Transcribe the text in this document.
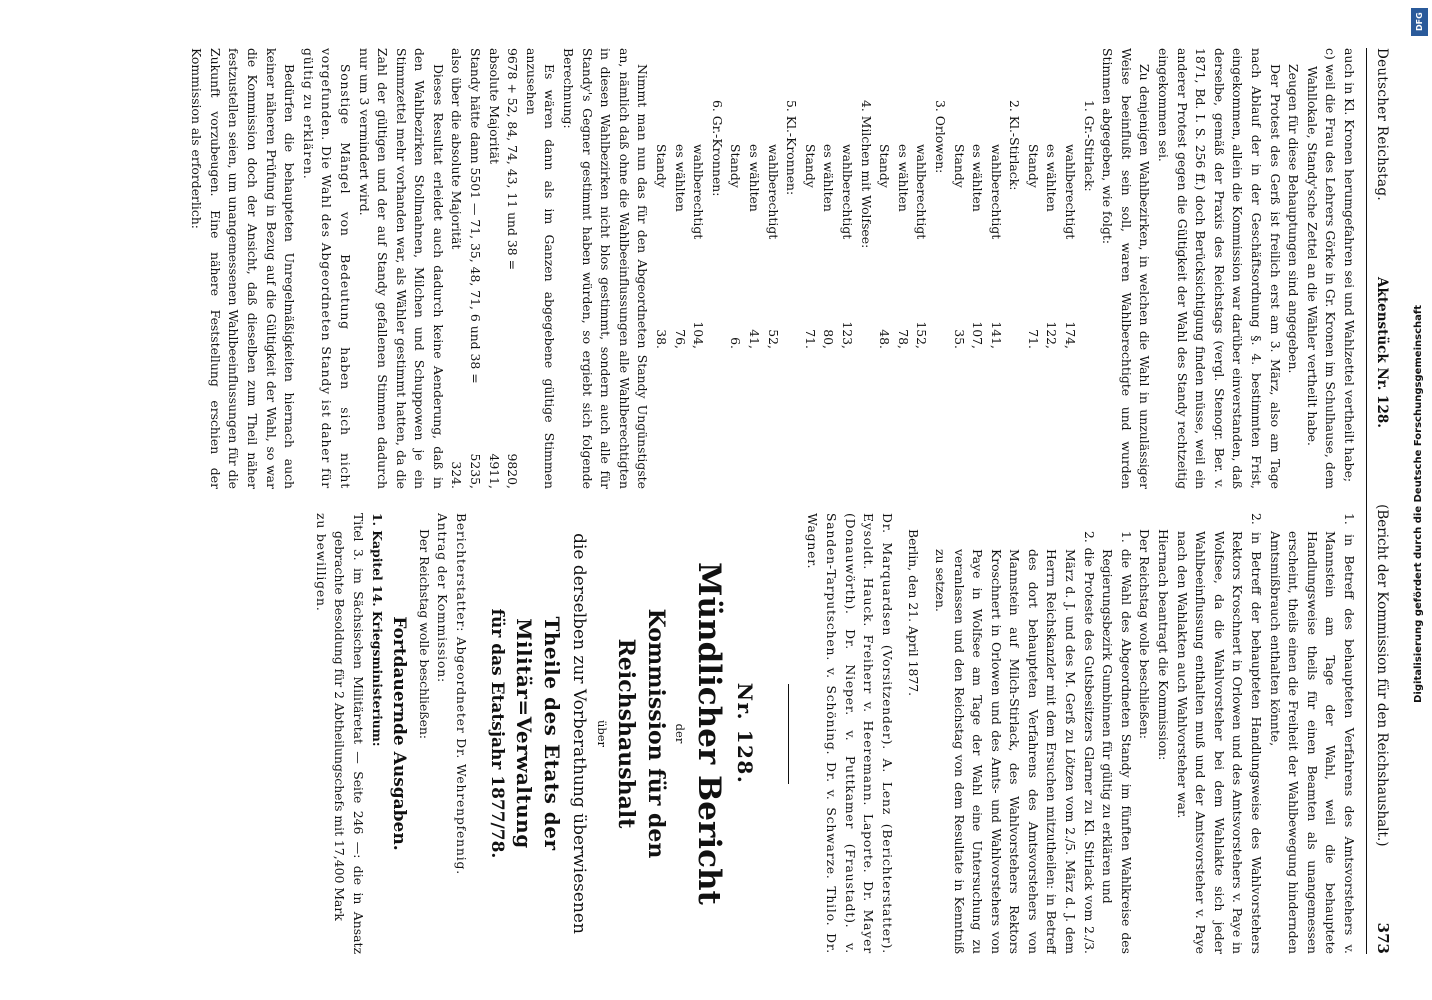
Deutscher Reichstag.
Aktenstück Nr. 128.
(Bericht der Kommission für den Reichshaushalt.)
373

auch in Kl. Kronen herumgefahren sei und Wahlzettel vertheilt habe;

c) weil die Frau des Lehrers Görke in Gr. Kronen im Schulhause, dem Wahllokale, Standy'sche Zettel an die Wähler vertheilt habe.

Zeugen für diese Behauptungen sind angegeben.

Der Protest des Gerß ist freilich erst am 3. März, also am Tage nach Ablauf der in der Geschäftsordnung §. 4. bestimmten Frist, eingekommen, allein die Kommission war darüber einverstanden, daß derselbe, gemäß der Praxis des Reichstags (vergl. Stenogr. Ber. v. 1871, Bd. I. S. 256 ff.) doch Berücksichtigung finden müsse, weil ein anderer Protest gegen die Gültigkeit der Wahl des Standy rechtzeitig eingekommen sei.

Zu denjenigen Wahlbezirken, in welchen die Wahl in unzulässiger Weise beeinflußt sein soll, waren Wahlberechtigte und wurden Stimmen abgegeben, wie folgt:

1. Gr.-Stirlack:
wahlberechtigt
174,
es wählten
122,
Standy
71.
2. Kl.-Stirlack:
wahlberechtigt
141,
es wählten
107,
Standy
35.
3. Orlowen:
wahlberechtigt
152,
es wählten
78,
Standy
48.
4. Milchen mit Wolfsee:
wahlberechtigt
123,
es wählten
80,
Standy
71.
5. Kl.-Kronnen:
wahlberechtigt
52,
es wählten
41,
Standy
6.
6. Gr.-Kronnen:
wahlberechtigt
104,
es wählten
76,
Standy
38.

Nimmt man nun das für den Abgeordneten Standy Ungünstigste an, nämlich daß ohne die Wahlbeeinflussungen alle Wahlberechtigten in diesen Wahlbezirken nicht blos gestimmt, sondern auch alle für Standy's Gegner gestimmt haben würden, so ergiebt sich folgende Berechnung:

Es wären dann als im Ganzen abgegebene gültige Stimmen anzusehen

9678 + 52, 84, 74, 43, 11 und 38 =
9820,
absolute Majorität
4911,
Standy hätte dann 5501 — 71, 35, 48, 71, 6 und 38 =
5235,
also über die absolute Majorität
324.

Dieses Resultat erleidet auch dadurch keine Aenderung, daß in den Wahlbezirken Stollmahnen, Milchen und Schuppowen je ein Stimmzettel mehr vorhanden war, als Wähler gestimmt hatten, da die Zahl der gültigen und der auf Standy gefallenen Stimmen dadurch nur um 3 vermindert wird.

Sonstige Mängel von Bedeutung haben sich nicht vorgefunden. Die Wahl des Abgeordneten Standy ist daher für gültig zu erklären.

Bedürfen die behaupteten Unregelmäßigkeiten hiernach auch keiner näheren Prüfung in Bezug auf die Gültigkeit der Wahl, so war die Kommission doch der Ansicht, daß dieselben zum Theil näher festzustellen seien, um unangemessenen Wahlbeeinflussungen für die Zukunft vorzubeugen. Eine nähere Feststellung erschien der Kommission als erforderlich:

1. in Betreff des behaupteten Verfahrens des Amtsvorstehers v. Mannstein am Tage der Wahl, weil die behauptete Handlungsweise theils für einen Beamten als unangemessen erscheint, theils einen die Freiheit der Wahlbewegung hindernden Amtsmißbrauch enthalten könnte,

2. in Betreff der behaupteten Handlungsweise des Wahlvorstehers Rektors Kroschnert in Orlowen und des Amtsvorstehers v. Paye in Wolfsee, da die Wahlvorsteher bei dem Wahlakte sich jeder Wahlbeeinflussung enthalten muß und der Amtsvorsteher v. Paye nach den Wahlakten auch Wahlvorsteher war.

Hiernach beantragt die Kommission:

Der Reichstag wolle beschließen:

1. die Wahl des Abgeordneten Standy im fünften Wahlkreise des Regierungsbezirk Gumbinnen für gültig zu erklären und

2. die Proteste des Gutsbesitzers Glarner zu Kl. Stirlack vom 2./3. März d. J. und des M. Gerß zu Lötzen vom 2./5. März d. J. dem Herrn Reichskanzler mit dem Ersuchen mitzutheilen: in Betreff des dort behaupteten Verfahrens des Amtsvorstehers von Mannstein auf Milch-Stirlack, des Wahlvorstehers Rektors Kroschnert in Orlowen und des Amts- und Wahlvorstehers von Paye in Wolfsee am Tage der Wahl eine Untersuchung zu veranlassen und den Reichstag von dem Resultate in Kenntniß zu setzen.

Berlin, den 21. April 1877.

Dr. Marquardsen (Vorsitzender). A. Lenz (Berichterstatter). Eysoldt. Hauck. Freiherr v. Heeremann. Laporte. Dr. Mayer (Donauwörth). Dr. Nieper. v. Puttkamer (Fraustadt). v. Sanden-Tarputschen. v. Schöning. Dr. v. Schwarze. Thilo. Dr. Wagner.

Nr. 128.
Mündlicher Bericht
der
Kommission für den Reichshaushalt
über
die derselben zur Vorberathung überwiesenen
Theile des Etats der Militär=Verwaltung
für das Etatsjahr 1877/78.

Berichterstatter: Abgeordneter Dr. Wehrenpfennig.

Antrag der Kommission:

Der Reichstag wolle beschließen:

Fortdauernde Ausgaben.

1. Kapitel 14. Kriegsministerium:

Titel 3. im Sächsischen Militäretat — Seite 246 —: die in Ansatz gebrachte Besoldung für 2 Abtheilungschefs mit 17,400 Mark

zu bewilligen.	Digitalisierung gefördert durch die Deutsche Forschungsgemeinschaft
DFG
